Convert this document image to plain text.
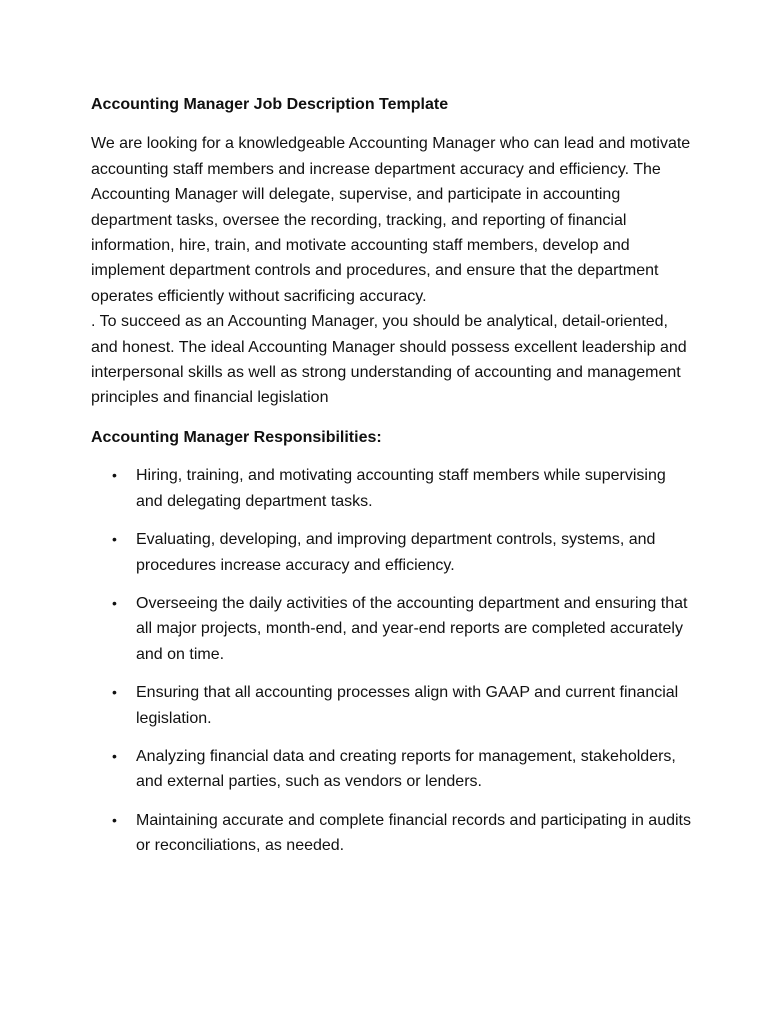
Accounting Manager Job Description Template

We are looking for a knowledgeable Accounting Manager who can lead and motivate accounting staff members and increase department accuracy and efficiency. The Accounting Manager will delegate, supervise, and participate in accounting department tasks, oversee the recording, tracking, and reporting of financial information, hire, train, and motivate accounting staff members, develop and implement department controls and procedures, and ensure that the department operates efficiently without sacrificing accuracy.

. To succeed as an Accounting Manager, you should be analytical, detail-oriented, and honest. The ideal Accounting Manager should possess excellent leadership and interpersonal skills as well as strong understanding of accounting and management principles and financial legislation

Accounting Manager Responsibilities:
• Hiring, training, and motivating accounting staff members while supervising and delegating department tasks.
• Evaluating, developing, and improving department controls, systems, and procedures increase accuracy and efficiency.
• Overseeing the daily activities of the accounting department and ensuring that all major projects, month-end, and year-end reports are completed accurately and on time.
• Ensuring that all accounting processes align with GAAP and current financial legislation.
• Analyzing financial data and creating reports for management, stakeholders, and external parties, such as vendors or lenders.
• Maintaining accurate and complete financial records and participating in audits or reconciliations, as needed.
